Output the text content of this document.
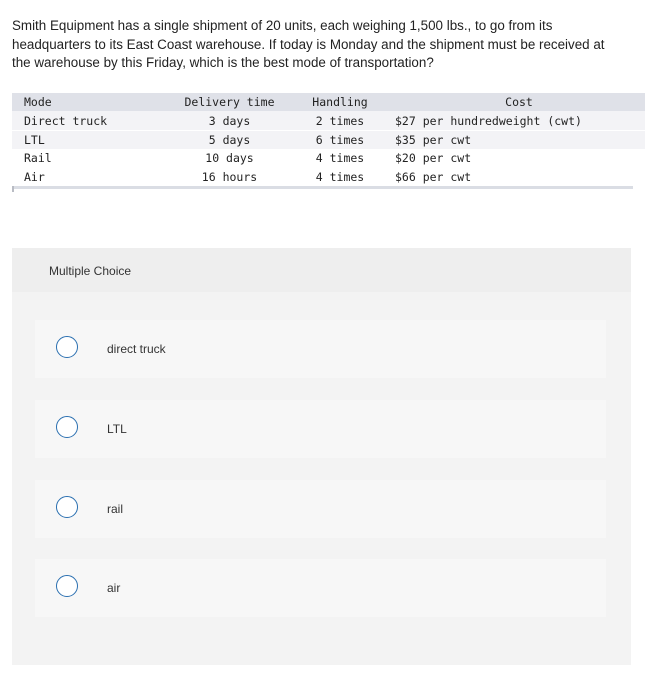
Smith Equipment has a single shipment of 20 units, each weighing 1,500 lbs., to go from its
headquarters to its East Coast warehouse. If today is Monday and the shipment must be received at
the warehouse by this Friday, which is the best mode of transportation?
Mode	Delivery time	Handling	Cost
Direct truck	3 days	2 times	$27 per hundredweight (cwt)
LTL	5 days	6 times	$35 per cwt
Rail	10 days	4 times	$20 per cwt
Air	16 hours	4 times	$66 per cwt
Multiple Choice
direct truck
LTL
rail
air
